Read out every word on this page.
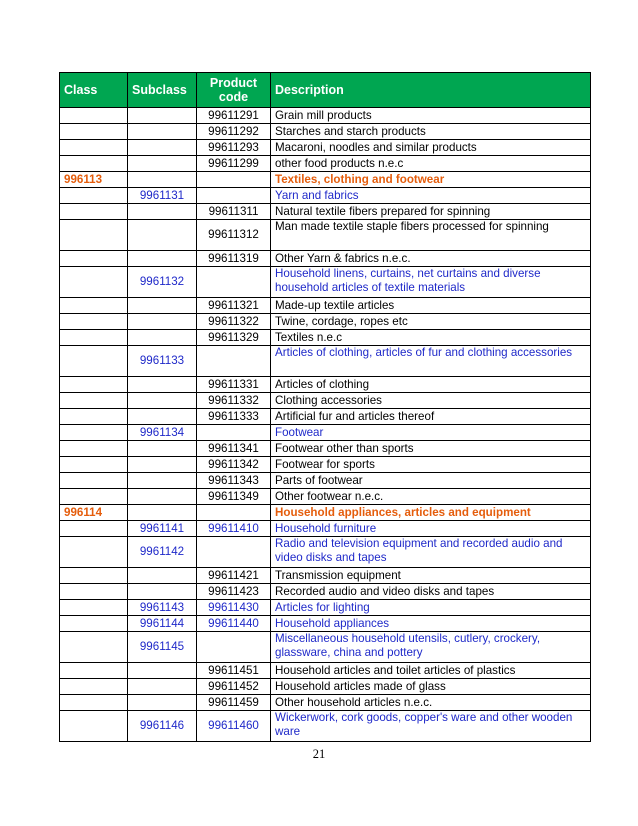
Class	Subclass	Product code	Description
		99611291	Grain mill products
		99611292	Starches and starch products
		99611293	Macaroni, noodles and similar products
		99611299	other food products n.e.c
996113			Textiles, clothing and footwear
	9961131		Yarn and fabrics
		99611311	Natural textile fibers prepared for spinning
		99611312	Man made textile staple fibers processed for spinning
		99611319	Other Yarn & fabrics n.e.c.
	9961132		Household linens, curtains, net curtains and diverse household articles of textile materials
		99611321	Made-up textile articles
		99611322	Twine, cordage, ropes etc
		99611329	Textiles n.e.c
	9961133		Articles of clothing, articles of fur and clothing accessories
		99611331	Articles of clothing
		99611332	Clothing accessories
		99611333	Artificial fur and articles thereof
	9961134		Footwear
		99611341	Footwear other than sports
		99611342	Footwear for sports
		99611343	Parts of footwear
		99611349	Other footwear n.e.c.
996114			Household appliances, articles and equipment
	9961141	99611410	Household furniture
	9961142		Radio and television equipment and recorded audio and video disks and tapes
		99611421	Transmission equipment
		99611423	Recorded audio and video disks and tapes
	9961143	99611430	Articles for lighting
	9961144	99611440	Household appliances
	9961145		Miscellaneous household utensils, cutlery, crockery, glassware, china and pottery
		99611451	Household articles and toilet articles of plastics
		99611452	Household articles made of glass
		99611459	Other household articles n.e.c.
	9961146	99611460	Wickerwork, cork goods, copper's ware and other wooden ware
21
